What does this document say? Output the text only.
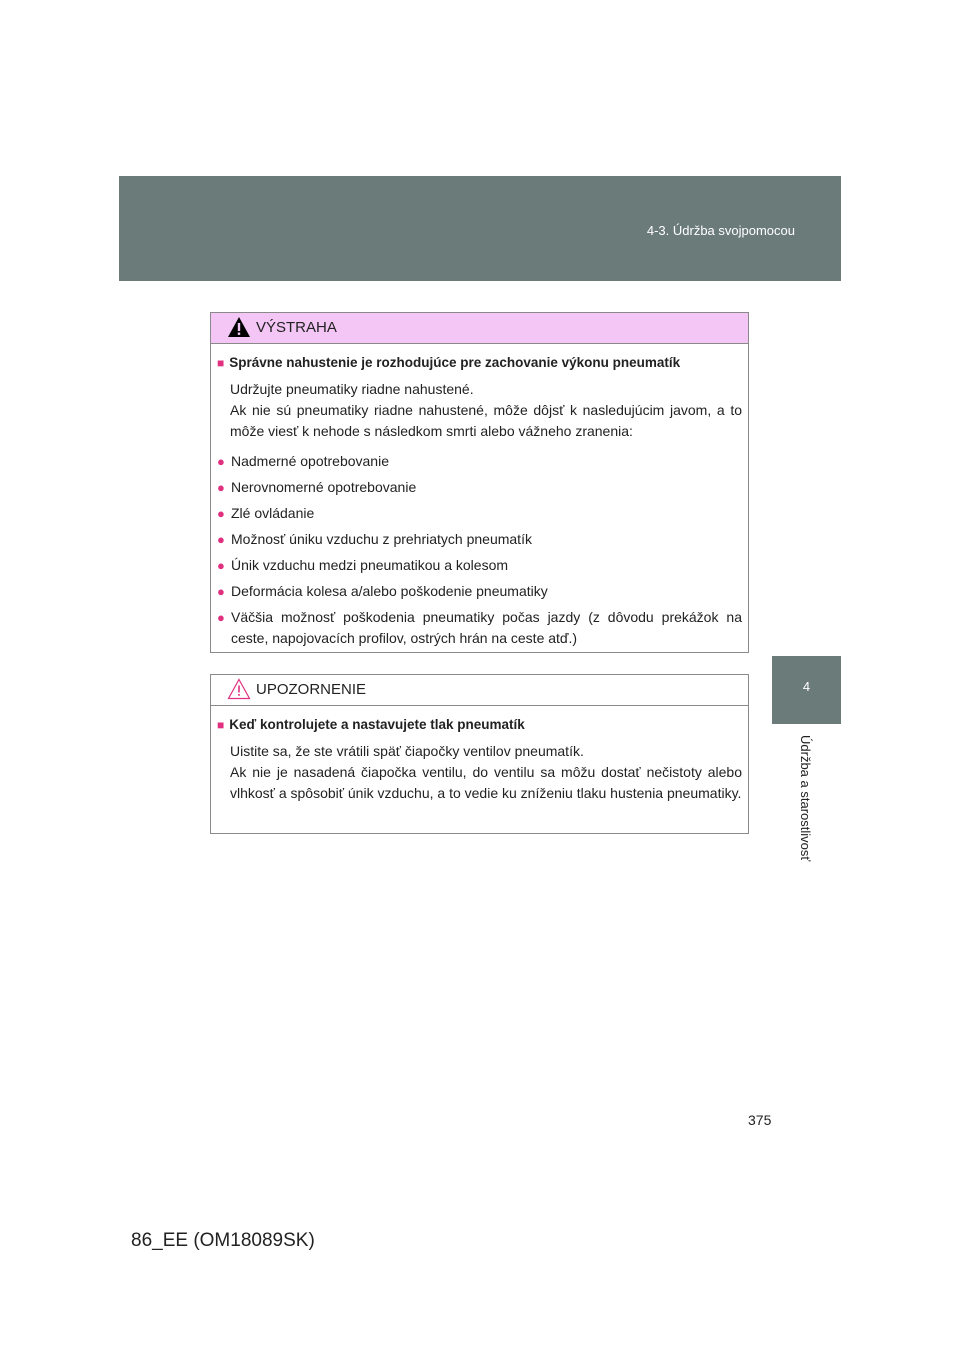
4-3. Údržba svojpomocou
4
Údržba a starostlivosť
VÝSTRAHA
■ Správne nahustenie je rozhodujúce pre zachovanie výkonu pneumatík
Udržujte pneumatiky riadne nahustené.
Ak nie sú pneumatiky riadne nahustené, môže dôjsť k nasledujúcim javom, a to môže viesť k nehode s následkom smrti alebo vážneho zranenia:
● Nadmerné opotrebovanie
● Nerovnomerné opotrebovanie
● Zlé ovládanie
● Možnosť úniku vzduchu z prehriatych pneumatík
● Únik vzduchu medzi pneumatikou a kolesom
● Deformácia kolesa a/alebo poškodenie pneumatiky
● Väčšia možnosť poškodenia pneumatiky počas jazdy (z dôvodu prekážok na ceste, napojovacích profilov, ostrých hrán na ceste atď.)
UPOZORNENIE
■ Keď kontrolujete a nastavujete tlak pneumatík
Uistite sa, že ste vrátili späť čiapočky ventilov pneumatík.
Ak nie je nasadená čiapočka ventilu, do ventilu sa môžu dostať nečistoty alebo vlhkosť a spôsobiť únik vzduchu, a to vedie ku zníženiu tlaku hustenia pneumatiky.
375
86_EE (OM18089SK)
